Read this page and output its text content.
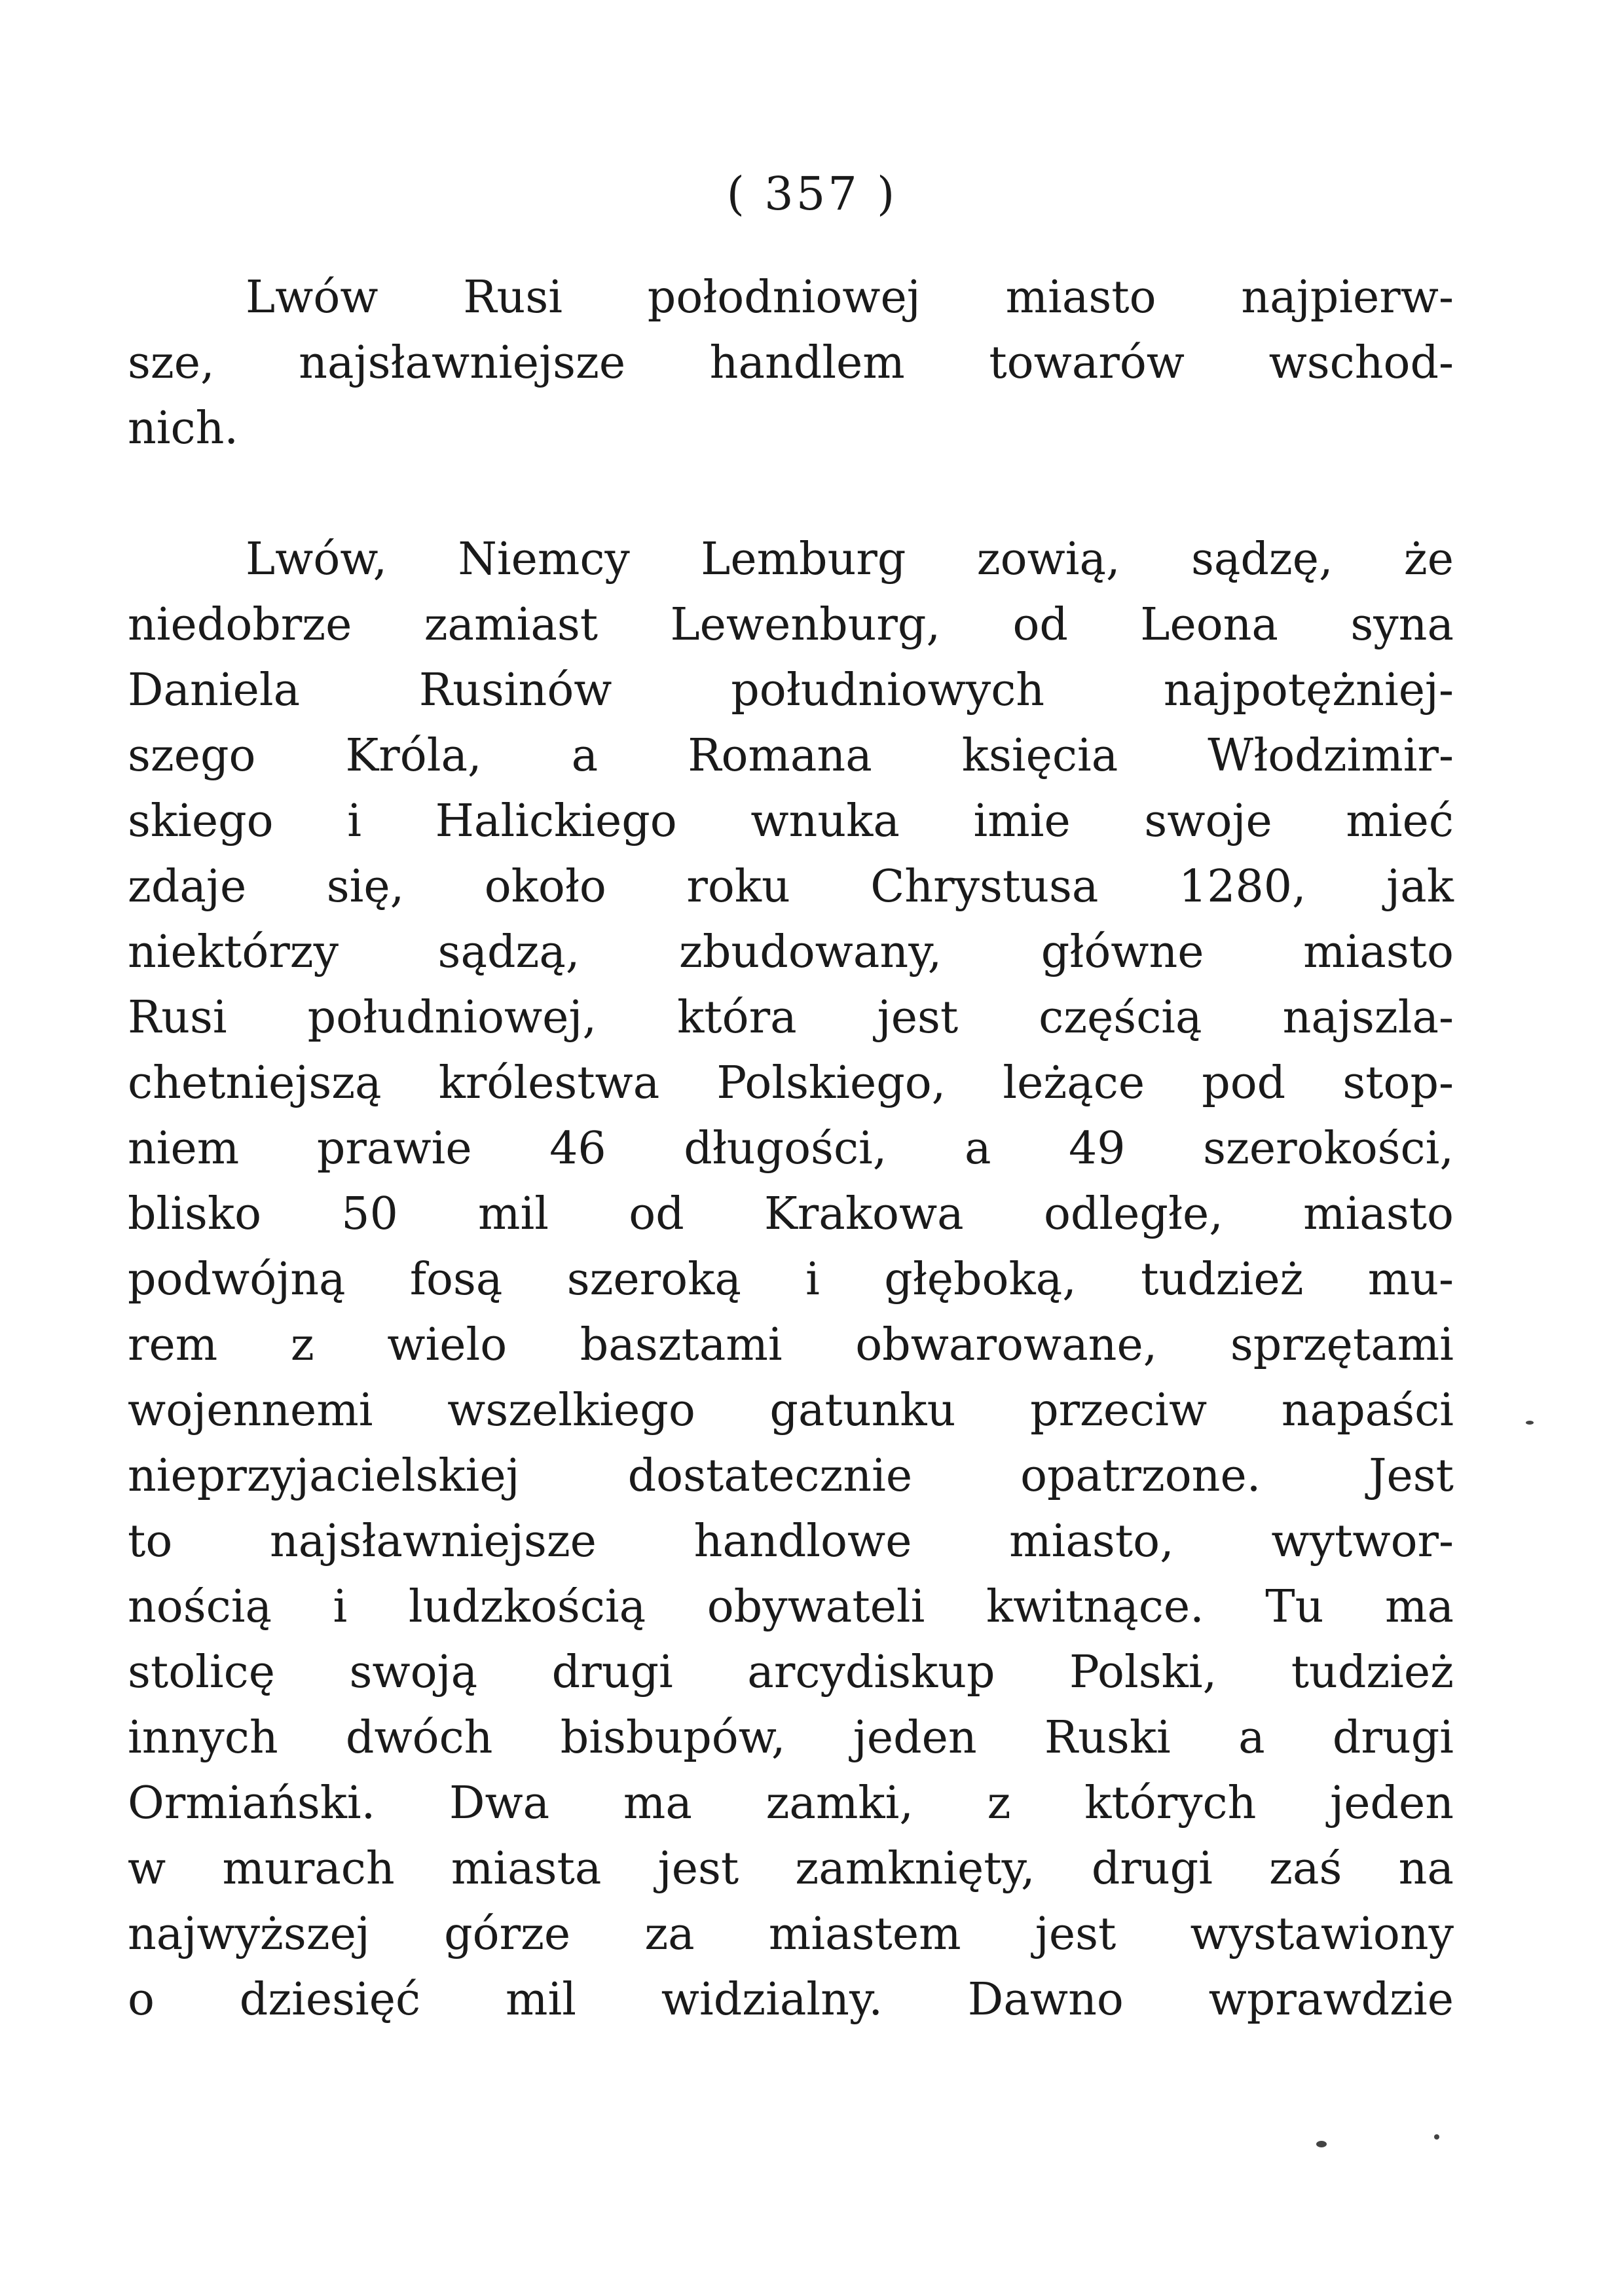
( 357 )
Lwów Rusi połodniowej miasto najpierw-
sze, najsławniejsze handlem towarów wschod-
nich.
Lwów, Niemcy Lemburg zowią, sądzę, że
niedobrze zamiast Lewenburg, od Leona syna
Daniela Rusinów południowych najpotężniej-
szego Króla, a Romana księcia Włodzimir-
skiego i Halickiego wnuka imie swoje mieć
zdaje się, około roku Chrystusa 1280, jak
niektórzy sądzą, zbudowany, główne miasto
Rusi południowej, która jest częścią najszla-
chetniejszą królestwa Polskiego, leżące pod stop-
niem prawie 46 długości, a 49 szerokości,
blisko 50 mil od Krakowa odległe, miasto
podwójną fosą szeroką i głęboką, tudzież mu-
rem z wielo basztami obwarowane, sprzętami
wojennemi wszelkiego gatunku przeciw napaści
nieprzyjacielskiej dostatecznie opatrzone. Jest
to najsławniejsze handlowe miasto, wytwor-
nością i ludzkością obywateli kwitnące. Tu ma
stolicę swoją drugi arcydiskup Polski, tudzież
innych dwóch bisbupów, jeden Ruski a drugi
Ormiański. Dwa ma zamki, z których jeden
w murach miasta jest zamknięty, drugi zaś na
najwyższej górze za miastem jest wystawiony
o dziesięć mil widzialny. Dawno wprawdzie
